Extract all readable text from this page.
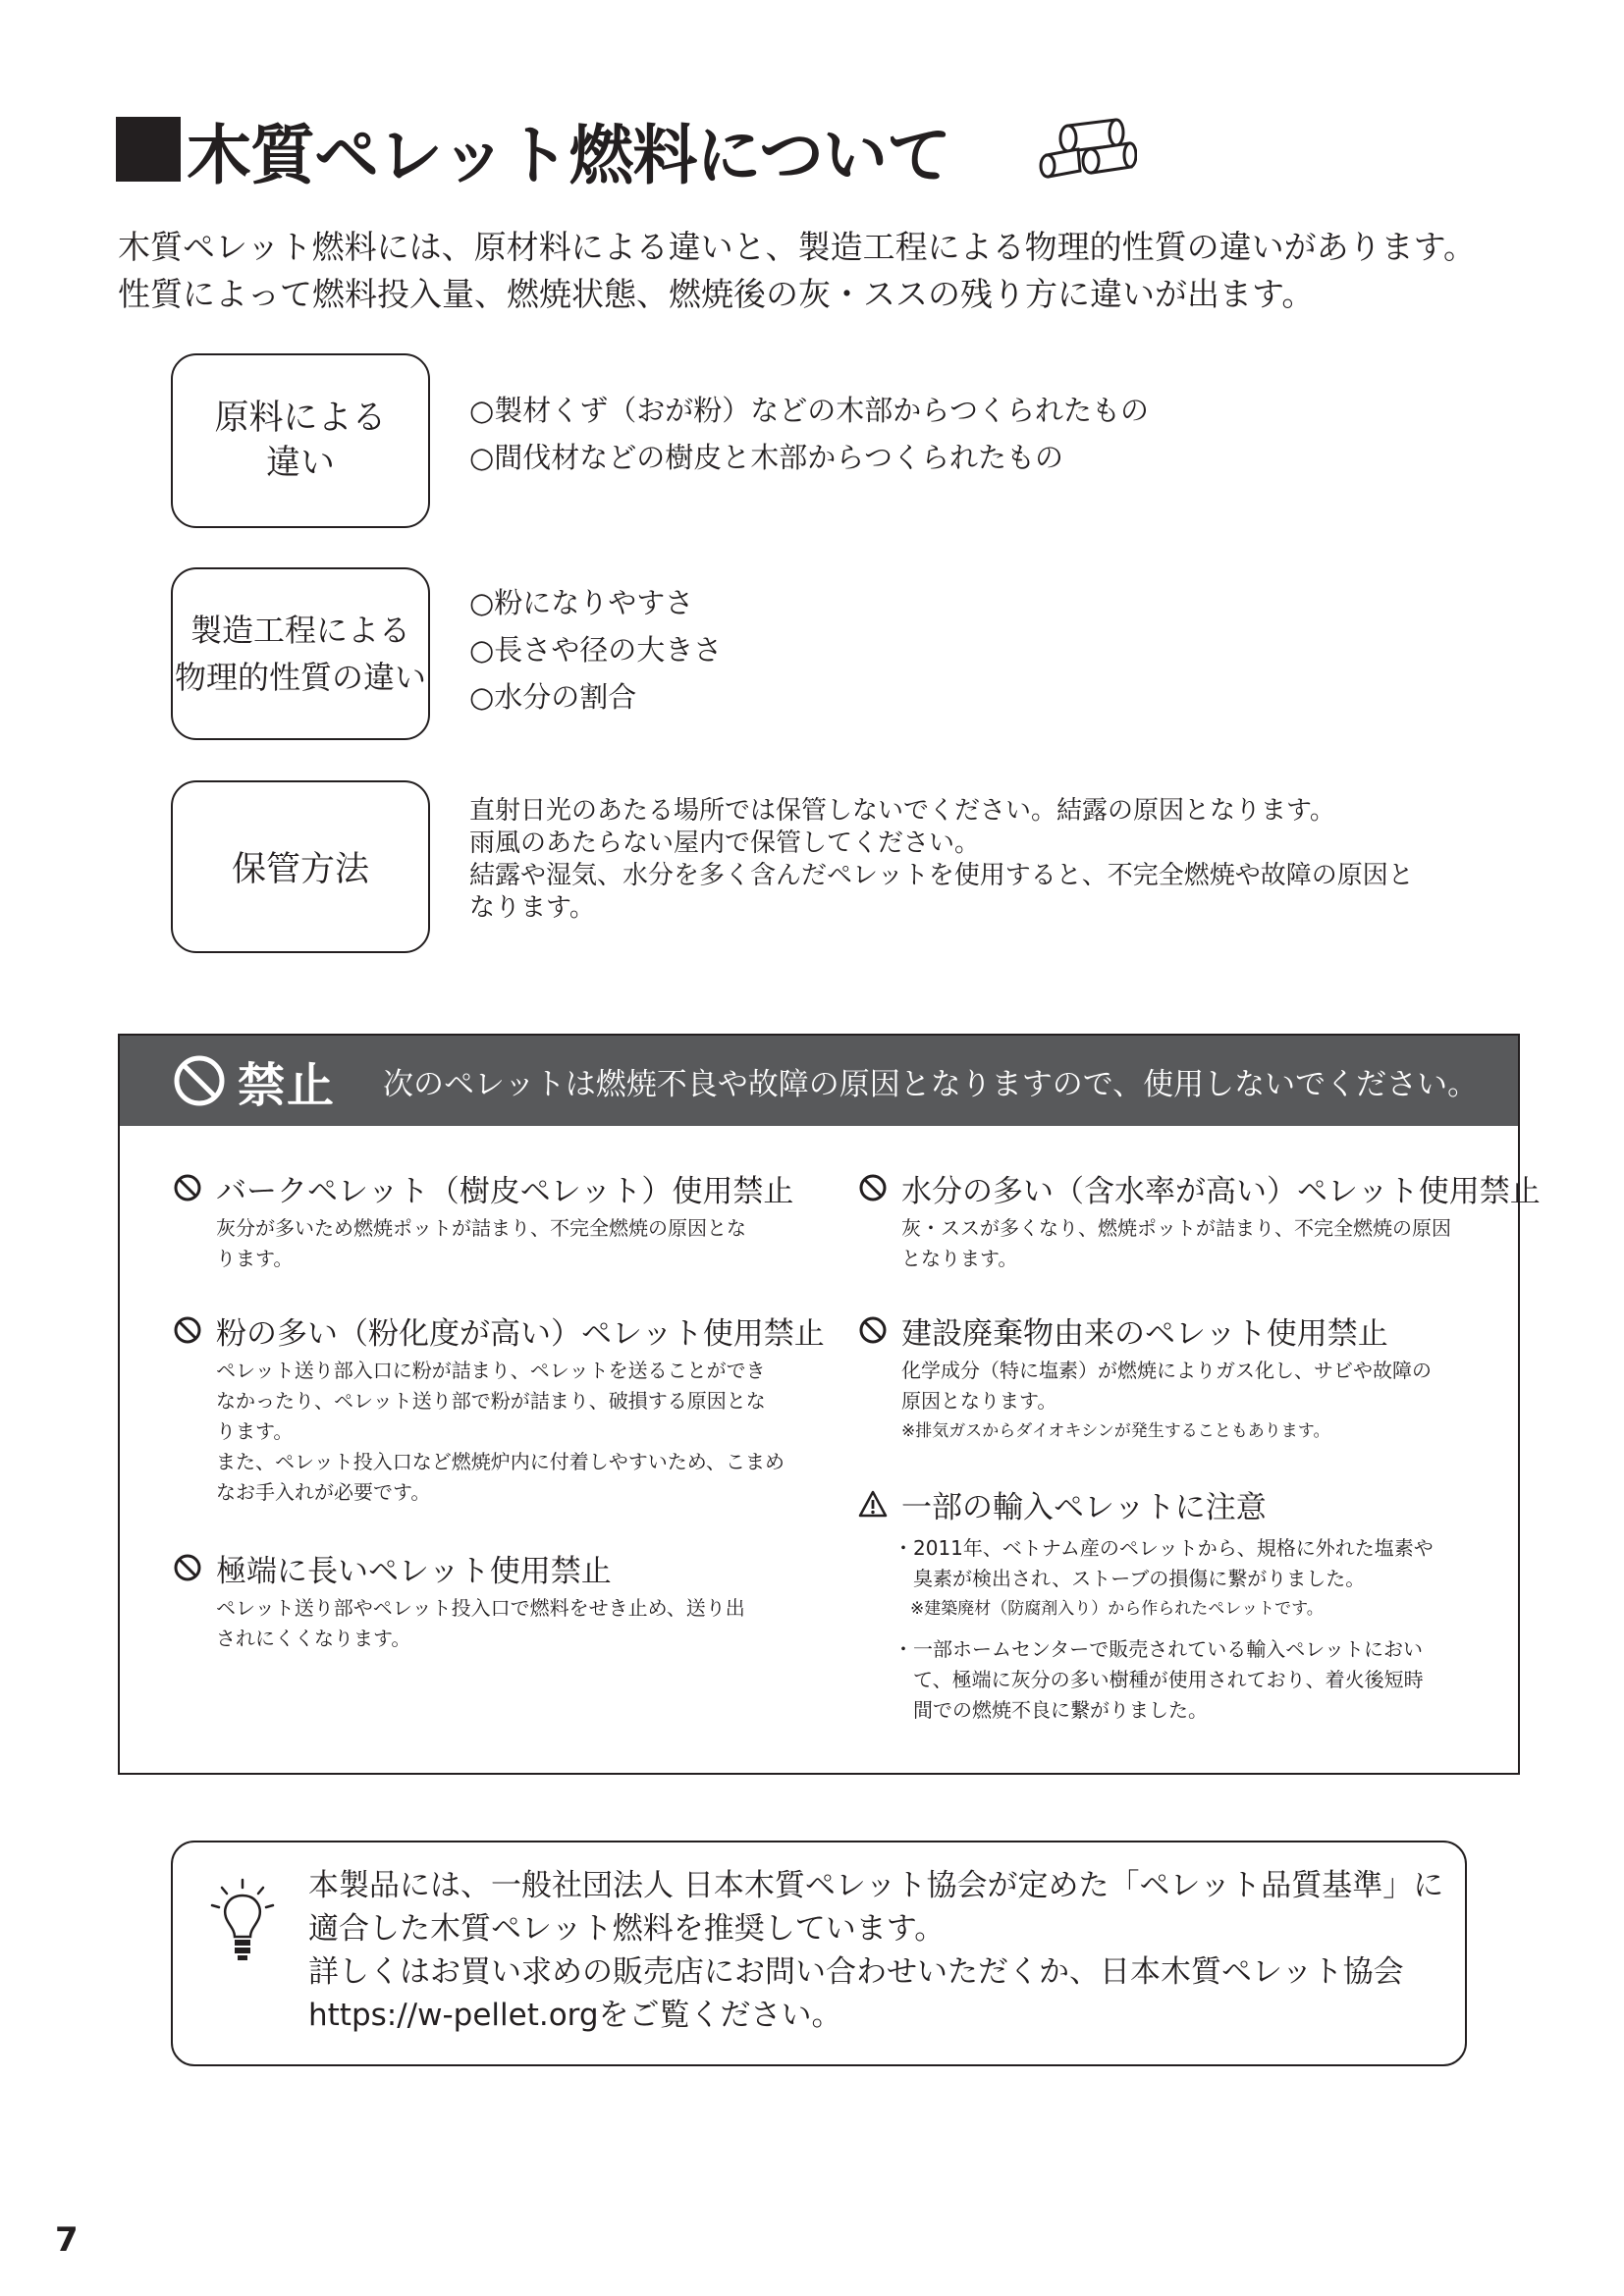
木質ペレット燃料について
木質ペレット燃料には、原材料による違いと、製造工程による物理的性質の違いがあります。
性質によって燃料投入量、燃焼状態、燃焼後の灰・ススの残り方に違いが出ます。
原料による
違い
○製材くず（おが粉）などの木部からつくられたもの
○間伐材などの樹皮と木部からつくられたもの
製造工程による
物理的性質の違い
○粉になりやすさ
○長さや径の大きさ
○水分の割合
保管方法
直射日光のあたる場所では保管しないでください。結露の原因となります。
雨風のあたらない屋内で保管してください。
結露や湿気、水分を多く含んだペレットを使用すると、不完全燃焼や故障の原因と
なります。
禁止 次のペレットは燃焼不良や故障の原因となりますので、使用しないでください。
バークペレット（樹皮ペレット）使用禁止
灰分が多いため燃焼ポットが詰まり、不完全燃焼の原因とな
ります。
粉の多い（粉化度が高い）ペレット使用禁止
ペレット送り部入口に粉が詰まり、ペレットを送ることができ
なかったり、ペレット送り部で粉が詰まり、破損する原因とな
ります。
また、ペレット投入口など燃焼炉内に付着しやすいため、こまめ
なお手入れが必要です。
極端に長いペレット使用禁止
ペレット送り部やペレット投入口で燃料をせき止め、送り出
されにくくなります。
水分の多い（含水率が高い）ペレット使用禁止
灰・ススが多くなり、燃焼ポットが詰まり、不完全燃焼の原因
となります。
建設廃棄物由来のペレット使用禁止
化学成分（特に塩素）が燃焼によりガス化し、サビや故障の
原因となります。
※排気ガスからダイオキシンが発生することもあります。
一部の輸入ペレットに注意
・2011年、ベトナム産のペレットから、規格に外れた塩素や
　臭素が検出され、ストーブの損傷に繋がりました。
　※建築廃材（防腐剤入り）から作られたペレットです。
・一部ホームセンターで販売されている輸入ペレットにおい
　て、極端に灰分の多い樹種が使用されており、着火後短時
　間での燃焼不良に繋がりました。
本製品には、一般社団法人 日本木質ペレット協会が定めた「ペレット品質基準」に
適合した木質ペレット燃料を推奨しています。
詳しくはお買い求めの販売店にお問い合わせいただくか、日本木質ペレット協会
https://w-pellet.orgをご覧ください。
7
